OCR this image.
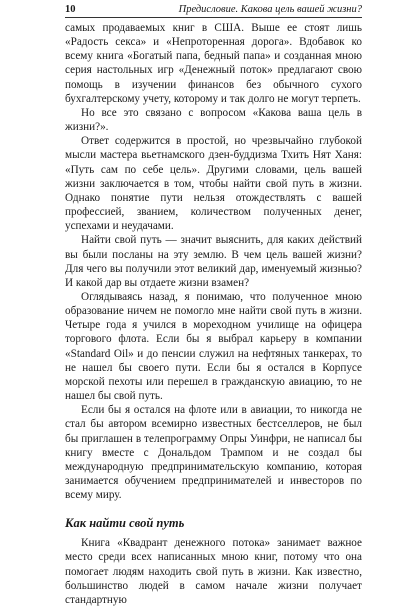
10	Предисловие. Какова цель вашей жизни?

самых продаваемых книг в США. Выше ее стоят лишь «Радость секса» и «Непроторенная дорога». Вдобавок ко всему книга «Богатый папа, бедный папа» и созданная мною серия настольных игр «Денежный поток» предлагают свою помощь в изучении финансов без обычного сухого бухгалтерскому учету, которому и так долго не могут терпеть.

Но все это связано с вопросом «Какова ваша цель в жизни?».

Ответ содержится в простой, но чрезвычайно глубокой мысли мастера вьетнамского дзен-буддизма Тхить Нят Ханя: «Путь сам по себе цель». Другими словами, цель вашей жизни заключается в том, чтобы найти свой путь в жизни. Однако понятие пути нельзя отождествлять с вашей профессией, званием, количеством полученных денег, успехами и неудачами.

Найти свой путь — значит выяснить, для каких действий вы были посланы на эту землю. В чем цель вашей жизни? Для чего вы получили этот великий дар, именуемый жизнью? И какой дар вы отдаете жизни взамен?

Оглядываясь назад, я понимаю, что полученное мною образование ничем не помогло мне найти свой путь в жизни. Четыре года я учился в мореходном училище на офицера торгового флота. Если бы я выбрал карьеру в компании «Standard Oil» и до пенсии служил на нефтяных танкерах, то не нашел бы своего пути. Если бы я остался в Корпусе морской пехоты или перешел в гражданскую авиацию, то не нашел бы свой путь.

Если бы я остался на флоте или в авиации, то никогда не стал бы автором всемирно известных бестселлеров, не был бы приглашен в телепрограмму Опры Уинфри, не написал бы книгу вместе с Дональдом Трампом и не создал бы международную предпринимательскую компанию, которая занимается обучением предпринимателей и инвесторов по всему миру.

Как найти свой путь

Книга «Квадрант денежного потока» занимает важное место среди всех написанных мною книг, потому что она помогает людям находить свой путь в жизни. Как известно, большинство людей в самом начале жизни получает стандартную
